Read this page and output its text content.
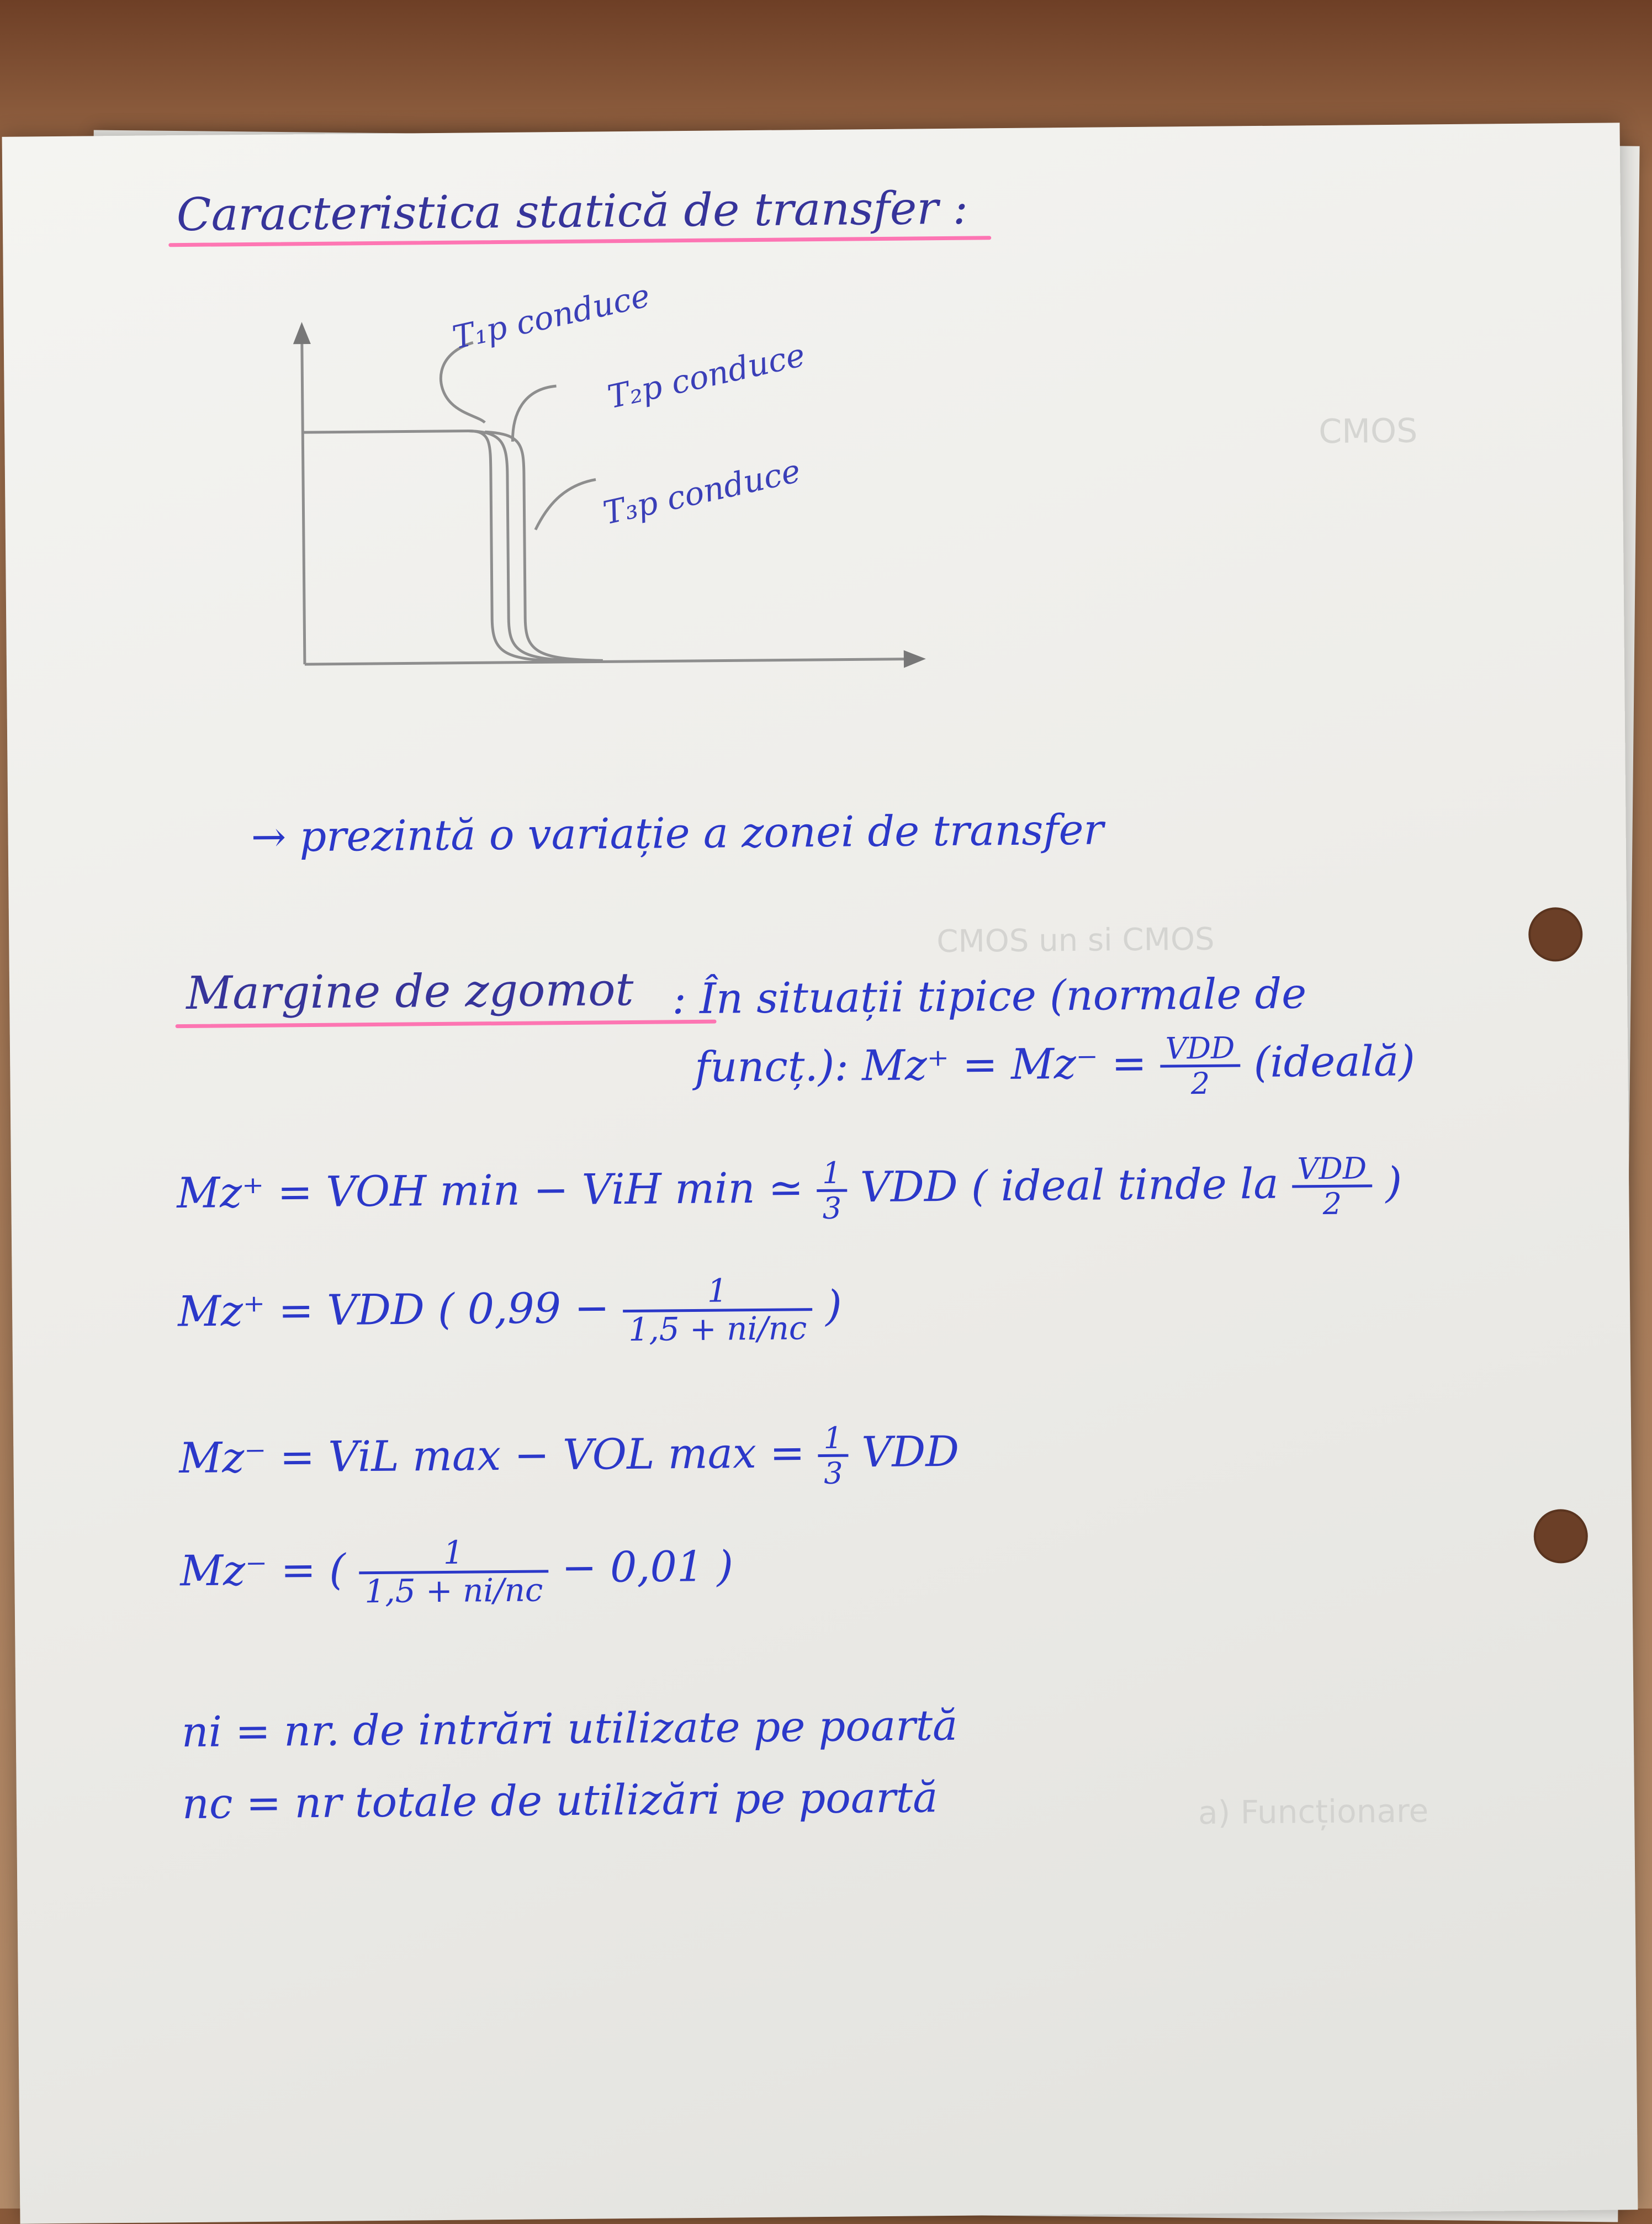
CMOS

CMOS un si CMOS

a) Funcționare

Caracteristica statică de transfer :

T₁p conduce

T₂p conduce

T₃p conduce

→ prezintă o variație a zonei de transfer

Margine de zgomot : În situații tipice (normale de

funcț.): $Mz^+ = Mz^- = \frac{\text{VDD}}{2}$ (ideală)
Mz⁺ = VOH min − ViH min ≃ $\frac{1}{3}$ VDD ( ideal tinde la $\frac{\text{VDD}}{2}$ )
Mz⁺ = VDD ( $0,99 - \frac{1}{1,5 + ni/nc}$ )
Mz⁻ = ViL max − VOL $\max = \frac{1}{3}$ VDD
Mz⁻ = ( $\frac{1}{1,5 + ni/nc} - 0,01$ )

ni = nr. de intrări utilizate pe poartă

nc = nr totale de utilizări pe poartă
